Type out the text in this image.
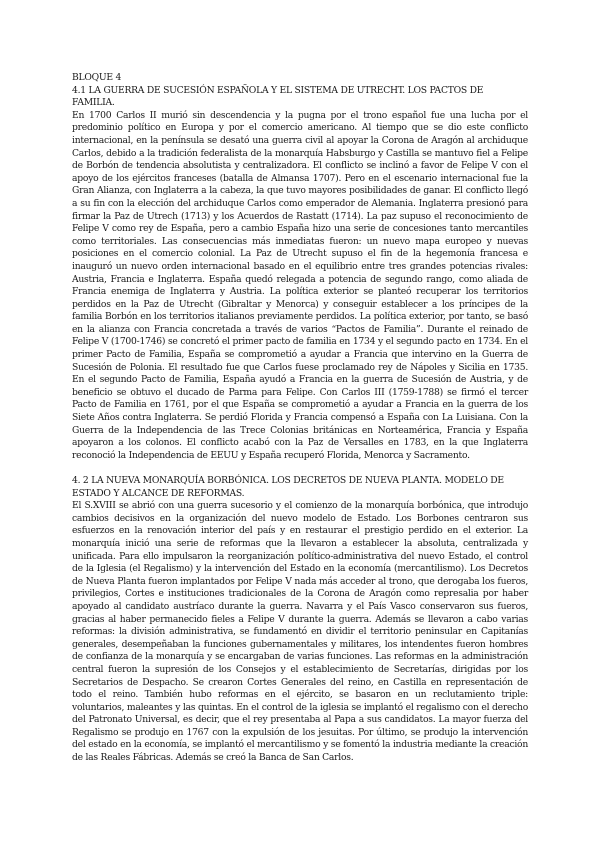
BLOQUE 4

4.1 LA GUERRA DE SUCESIÓN ESPAÑOLA Y EL SISTEMA DE UTRECHT. LOS PACTOS DE FAMILIA.

En 1700 Carlos II murió sin descendencia y la pugna por el trono español fue una lucha por el predominio político en Europa y por el comercio americano. Al tiempo que se dio este conflicto internacional, en la península se desató una guerra civil al apoyar la Corona de Aragón al archiduque Carlos, debido a la tradición federalista de la monarquía Habsburgo y Castilla se mantuvo fiel a Felipe de Borbón de tendencia absolutista y centralizadora. El conflicto se inclinó a favor de Felipe V con el apoyo de los ejércitos franceses (batalla de Almansa 1707). Pero en el escenario internacional fue la Gran Alianza, con Inglaterra a la cabeza, la que tuvo mayores posibilidades de ganar. El conflicto llegó a su fin con la elección del archiduque Carlos como emperador de Alemania. Inglaterra presionó para firmar la Paz de Utrech (1713) y los Acuerdos de Rastatt (1714). La paz supuso el reconocimiento de Felipe V como rey de España, pero a cambio España hizo una serie de concesiones tanto mercantiles como territoriales. Las consecuencias más inmediatas fueron: un nuevo mapa europeo y nuevas posiciones en el comercio colonial. La Paz de Utrecht supuso el fin de la hegemonía francesa e inauguró un nuevo orden internacional basado en el equilibrio entre tres grandes potencias rivales: Austria, Francia e Inglaterra. España quedó relegada a potencia de segundo rango, como aliada de Francia enemiga de Inglaterra y Austria. La política exterior se planteó recuperar los territorios perdidos en la Paz de Utrecht (Gibraltar y Menorca) y conseguir establecer a los príncipes de la familia Borbón en los territorios italianos previamente perdidos. La política exterior, por tanto, se basó en la alianza con Francia concretada a través de varios “Pactos de Familia”. Durante el reinado de Felipe V (1700-1746) se concretó el primer pacto de familia en 1734 y el segundo pacto en 1734. En el primer Pacto de Familia, España se comprometió a ayudar a Francia que intervino en la Guerra de Sucesión de Polonia. El resultado fue que Carlos fuese proclamado rey de Nápoles y Sicilia en 1735. En el segundo Pacto de Familia, España ayudó a Francia en la guerra de Sucesión de Austria, y de beneficio se obtuvo el ducado de Parma para Felipe. Con Carlos III (1759-1788) se firmó el tercer Pacto de Familia en 1761, por el que España se comprometió a ayudar a Francia en la guerra de los Siete Años contra Inglaterra. Se perdió Florida y Francia compensó a España con La Luisiana. Con la Guerra de la Independencia de las Trece Colonias británicas en Norteamérica, Francia y España apoyaron a los colonos. El conflicto acabó con la Paz de Versalles en 1783, en la que Inglaterra reconoció la Independencia de EEUU y España recuperó Florida, Menorca y Sacramento.

4. 2 LA NUEVA MONARQUÍA BORBÓNICA. LOS DECRETOS DE NUEVA PLANTA. MODELO DE ESTADO Y ALCANCE DE REFORMAS.

El S.XVIII se abrió con una guerra sucesorio y el comienzo de la monarquía borbónica, que introdujo cambios decisivos en la organización del nuevo modelo de Estado. Los Borbones centraron sus esfuerzos en la renovación interior del país y en restaurar el prestigio perdido en el exterior. La monarquía inició una serie de reformas que la llevaron a establecer la absoluta, centralizada y unificada. Para ello impulsaron la reorganización político-administrativa del nuevo Estado, el control de la Iglesia (el Regalismo) y la intervención del Estado en la economía (mercantilismo). Los Decretos de Nueva Planta fueron implantados por Felipe V nada más acceder al trono, que derogaba los fueros, privilegios, Cortes e instituciones tradicionales de la Corona de Aragón como represalia por haber apoyado al candidato austríaco durante la guerra. Navarra y el País Vasco conservaron sus fueros, gracias al haber permanecido fieles a Felipe V durante la guerra. Además se llevaron a cabo varias reformas: la división administrativa, se fundamentó en dividir el territorio peninsular en Capitanías generales, desempeñaban la funciones gubernamentales y militares, los intendentes fueron hombres de confianza de la monarquía y se encargaban de varias funciones. Las reformas en la administración central fueron la supresión de los Consejos y el establecimiento de Secretarías, dirigidas por los Secretarios de Despacho. Se crearon Cortes Generales del reino, en Castilla en representación de todo el reino. También hubo reformas en el ejército, se basaron en un reclutamiento triple: voluntarios, maleantes y las quintas. En el control de la iglesia se implantó el regalismo con el derecho del Patronato Universal, es decir, que el rey presentaba al Papa a sus candidatos. La mayor fuerza del Regalismo se produjo en 1767 con la expulsión de los jesuitas. Por último, se produjo la intervención del estado en la economía, se implantó el mercantilismo y se fomentó la industria mediante la creación de las Reales Fábricas. Además se creó la Banca de San Carlos.
